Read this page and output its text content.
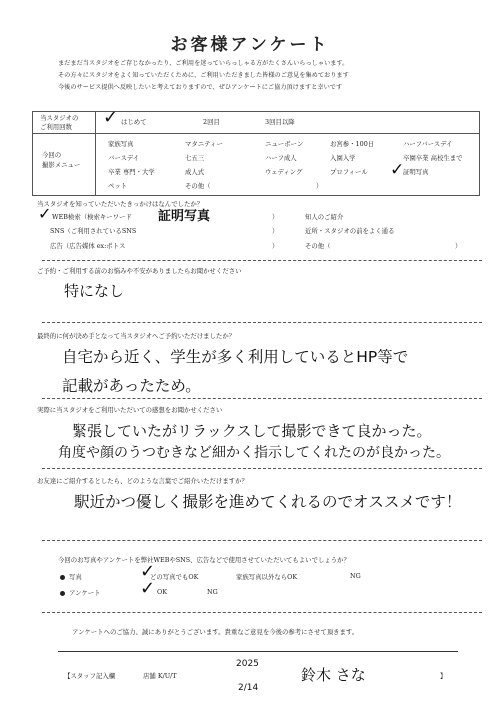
お客様アンケート
まだまだ当スタジオをご存じなかったり、ご利用を迷っていらっしゃる方がたくさんいらっしゃいます。
その方々にスタジオをよく知っていただくために、ご利用いただきました皆様のご意見を集めております
今後のサービス提供へ反映したいと考えておりますので、ぜひアンケートにご協力頂けますと幸いです
当スタジオの
ご利用回数
はじめて	2回目	3回目以降
✓
今回の
撮影メニュー
家族写真	マタニティー	ニューボーン	お宮参・100日	ハーフバースデイ
バースデイ	七五三	ハーフ成人	入園入学	卒園卒業 高校生まで
卒業 専門・大学	成人式	ウェディング	プロフィール	証明写真
✓
ペット	その他（	）
当スタジオを知っていただいたきっかけはなんでしたか？
✓ WEB検索（検索キーワード 証明写真	）
SNS（ご利用されているSNS	）
広告（広告媒体 ex:ポトス	）
知人のご紹介
近所・スタジオの前をよく通る
その他（	）
ご予約・ご利用する前のお悩みや不安がありましたらお聞かせください
特になし
最終的に何が決め手となって当スタジオへご予約いただけましたか？
自宅から近く、学生が多く利用しているとHP等で
記載があったため。
実際に当スタジオをご利用いただいての感想をお聞かせください
緊張していたがリラックスして撮影できて良かった。
角度や顔のうつむきなど細かく指示してくれたのが良かった。
お友達にご紹介するとしたら、どのような言葉でご紹介いただけますか？
駅近かつ優しく撮影を進めてくれるのでオススメです！
今回のお写真やアンケートを弊社WEBやSNS、広告などで使用させていただいてもよいでしょうか？
写真	✓
どの写真でもOK	家族写真以外ならOK	NG
アンケート ✓ OK	NG
アンケートへのご協力、誠にありがとうございます。貴重なご意見を今後の参考にさせて頂きます。
【スタッフ記入欄	店舗 K/U/T
2025
2/14
鈴木 さな	】
